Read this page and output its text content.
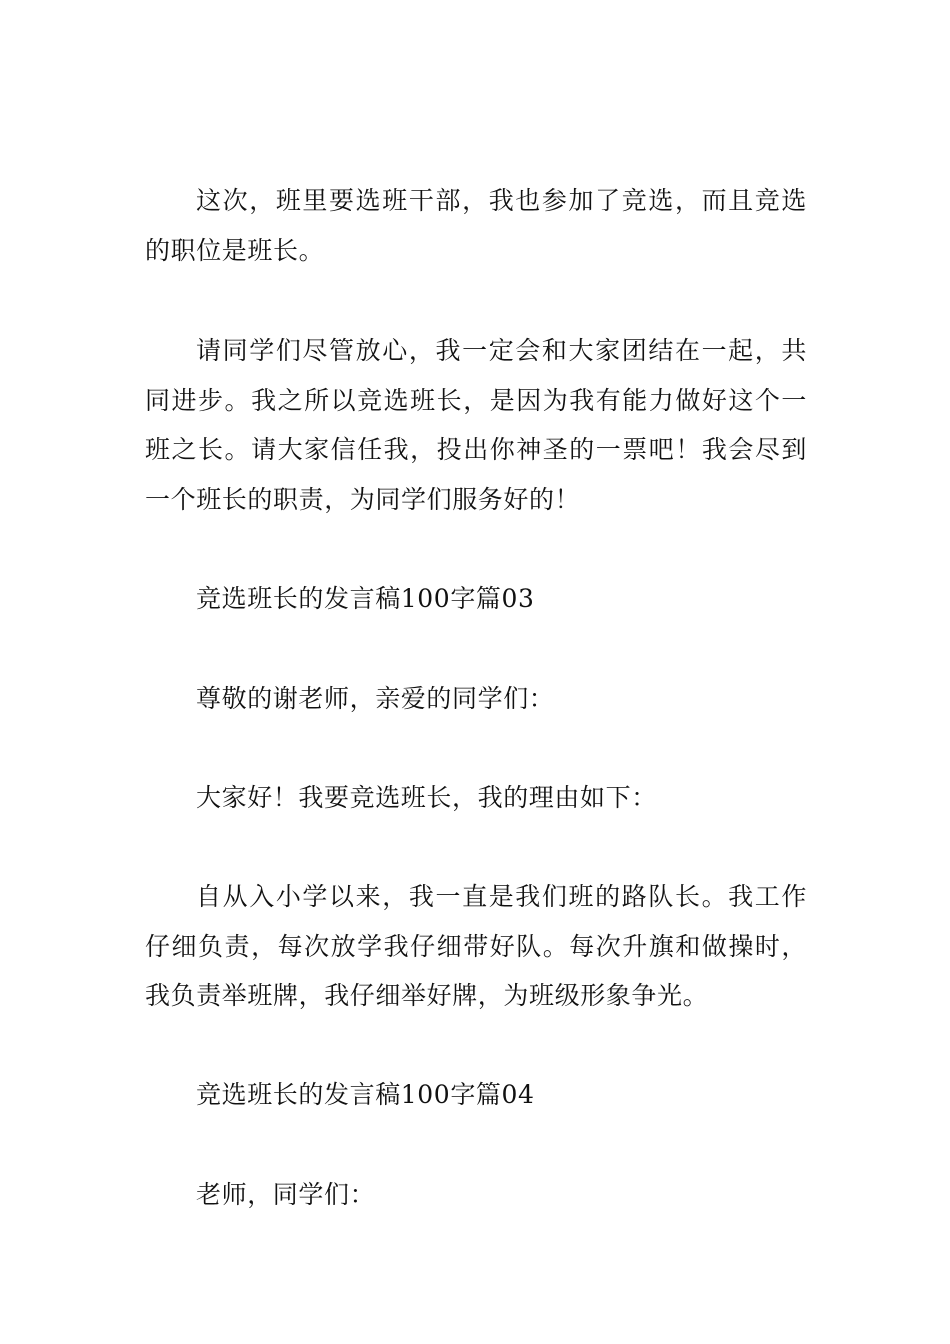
这次，班里要选班干部，我也参加了竞选，而且竞选的职位是班长。

请同学们尽管放心，我一定会和大家团结在一起，共同进步。我之所以竞选班长，是因为我有能力做好这个一班之长。请大家信任我，投出你神圣的一票吧！我会尽到一个班长的职责，为同学们服务好的！

竞选班长的发言稿100字篇03

尊敬的谢老师，亲爱的同学们：

大家好！我要竞选班长，我的理由如下：

自从入小学以来，我一直是我们班的路队长。我工作仔细负责，每次放学我仔细带好队。每次升旗和做操时，我负责举班牌，我仔细举好牌，为班级形象争光。

竞选班长的发言稿100字篇04

老师，同学们：
